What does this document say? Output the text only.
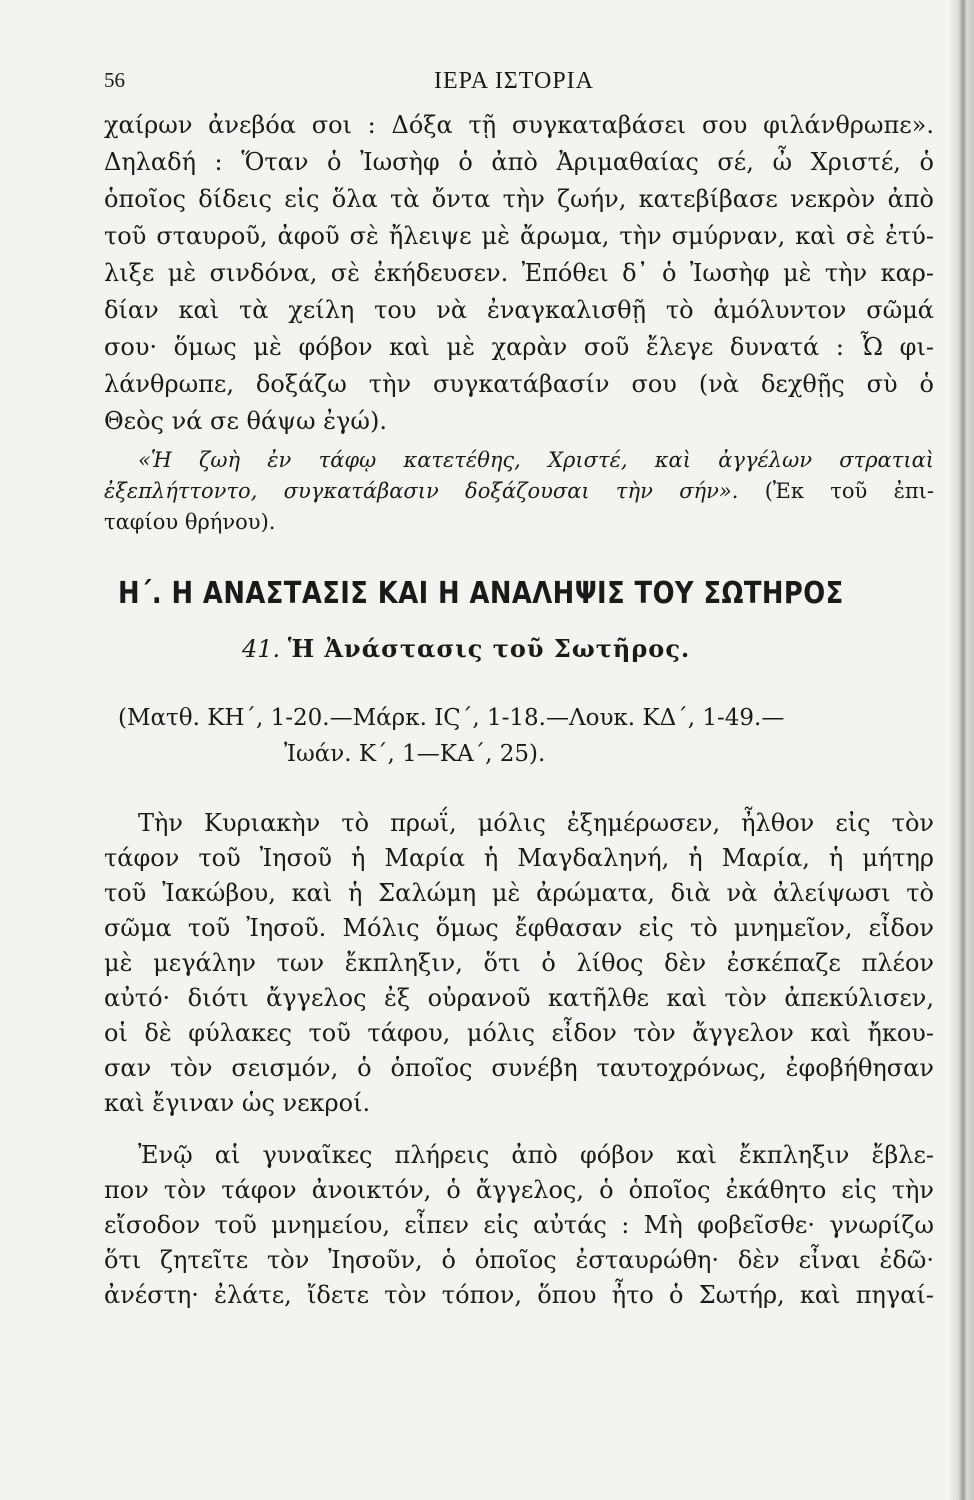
56	ΙΕΡΑ ΙΣΤΟΡΙΑ
χαίρων ἀνεβόα σοι : Δόξα τῇ συγκαταβάσει σου φιλάνθρωπε».
Δηλαδή : Ὅταν ὁ Ἰωσὴφ ὁ ἀπὸ Ἀριμαθαίας σέ, ὦ Χριστέ, ὁ
ὁποῖος δίδεις εἰς ὅλα τὰ ὄντα τὴν ζωήν, κατεβίβασε νεκρὸν ἀπὸ
τοῦ σταυροῦ, ἀφοῦ σὲ ἤλειψε μὲ ἄρωμα, τὴν σμύρναν, καὶ σὲ ἐτύ-
λιξε μὲ σινδόνα, σὲ ἐκήδευσεν. Ἐπόθει δ᾽ ὁ Ἰωσὴφ μὲ τὴν καρ-
δίαν καὶ τὰ χείλη του νὰ ἐναγκαλισθῇ τὸ ἀμόλυντον σῶμά
σου· ὅμως μὲ φόβον καὶ μὲ χαρὰν σοῦ ἔλεγε δυνατά : Ὦ φι-
λάνθρωπε, δοξάζω τὴν συγκατάβασίν σου (νὰ δεχθῇς σὺ ὁ
Θεὸς νά σε θάψω ἐγώ).
«Ἡ ζωὴ ἐν τάφῳ κατετέθης, Χριστέ, καὶ ἀγγέλων στρατιαὶ
ἐξεπλήττοντο, συγκατάβασιν δοξάζουσαι τὴν σήν». (Ἐκ τοῦ ἐπι-
ταφίου θρήνου).
Η΄. Η ΑΝΑΣΤΑΣΙΣ ΚΑΙ Η ΑΝΑΛΗΨΙΣ ΤΟΥ ΣΩΤΗΡΟΣ
41. Ἡ Ἀνάστασις τοῦ Σωτῆρος.
(Ματθ. ΚΗ΄, 1-20.—Μάρκ. ΙϚ΄, 1-18.—Λουκ. ΚΔ΄, 1-49.—
Ἰωάν. Κ΄, 1—ΚΑ΄, 25).
Τὴν Κυριακὴν τὸ πρωΐ, μόλις ἐξημέρωσεν, ἦλθον εἰς τὸν
τάφον τοῦ Ἰησοῦ ἡ Μαρία ἡ Μαγδαληνή, ἡ Μαρία, ἡ μήτηρ
τοῦ Ἰακώβου, καὶ ἡ Σαλώμη μὲ ἀρώματα, διὰ νὰ ἀλείψωσι τὸ
σῶμα τοῦ Ἰησοῦ. Μόλις ὅμως ἔφθασαν εἰς τὸ μνημεῖον, εἶδον
μὲ μεγάλην των ἔκπληξιν, ὅτι ὁ λίθος δὲν ἐσκέπαζε πλέον
αὐτό· διότι ἄγγελος ἐξ οὐρανοῦ κατῆλθε καὶ τὸν ἀπεκύλισεν,
οἱ δὲ φύλακες τοῦ τάφου, μόλις εἶδον τὸν ἄγγελον καὶ ἤκου-
σαν τὸν σεισμόν, ὁ ὁποῖος συνέβη ταυτοχρόνως, ἐφοβήθησαν
καὶ ἔγιναν ὡς νεκροί.
Ἐνῷ αἱ γυναῖκες πλήρεις ἀπὸ φόβον καὶ ἔκπληξιν ἔβλε-
πον τὸν τάφον ἀνοικτόν, ὁ ἄγγελος, ὁ ὁποῖος ἐκάθητο εἰς τὴν
εἴσοδον τοῦ μνημείου, εἶπεν εἰς αὐτάς : Μὴ φοβεῖσθε· γνωρίζω
ὅτι ζητεῖτε τὸν Ἰησοῦν, ὁ ὁποῖος ἐσταυρώθη· δὲν εἶναι ἐδῶ·
ἀνέστη· ἐλάτε, ἴδετε τὸν τόπον, ὅπου ἦτο ὁ Σωτήρ, καὶ πηγαί-
